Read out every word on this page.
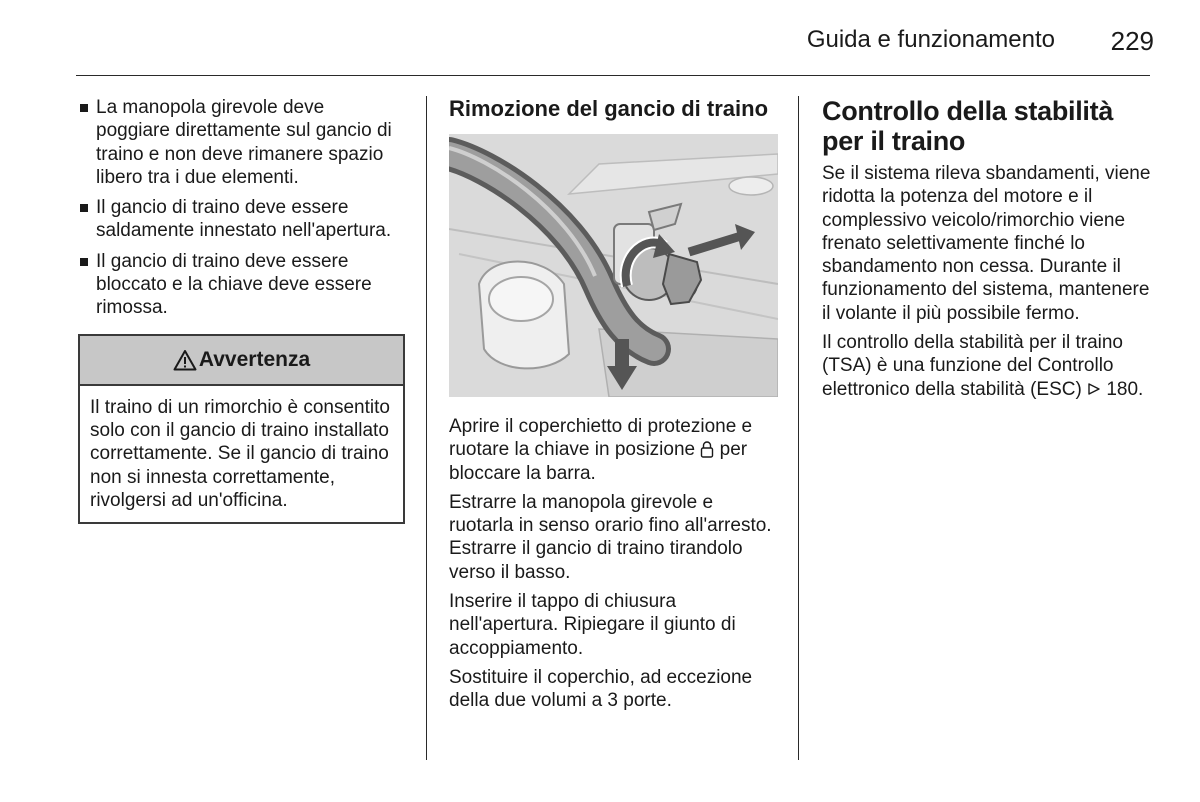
Guida e funzionamento	229
La manopola girevole deve poggiare direttamente sul gancio di traino e non deve rimanere spazio libero tra i due elementi.
Il gancio di traino deve essere saldamente innestato nell'apertura.
Il gancio di traino deve essere bloccato e la chiave deve essere rimossa.
Avvertenza
Il traino di un rimorchio è consentito solo con il gancio di traino installato correttamente. Se il gancio di traino non si innesta correttamente, rivolgersi ad un'officina.
Rimozione del gancio di traino

Aprire il coperchietto di protezione e ruotare la chiave in posizione  per bloccare la barra.

Estrarre la manopola girevole e ruotarla in senso orario fino all'arresto. Estrarre il gancio di traino tirandolo verso il basso.

Inserire il tappo di chiusura nell'apertura. Ripiegare il giunto di accoppiamento.

Sostituire il coperchio, ad eccezione della due volumi a 3 porte.

Controllo della stabilità per il traino

Se il sistema rileva sbandamenti, viene ridotta la potenza del motore e il complessivo veicolo/rimorchio viene frenato selettivamente finché lo sbandamento non cessa. Durante il funzionamento del sistema, mantenere il volante il più possibile fermo.

Il controllo della stabilità per il traino (TSA) è una funzione del Controllo elettronico della stabilità (ESC)  180.
